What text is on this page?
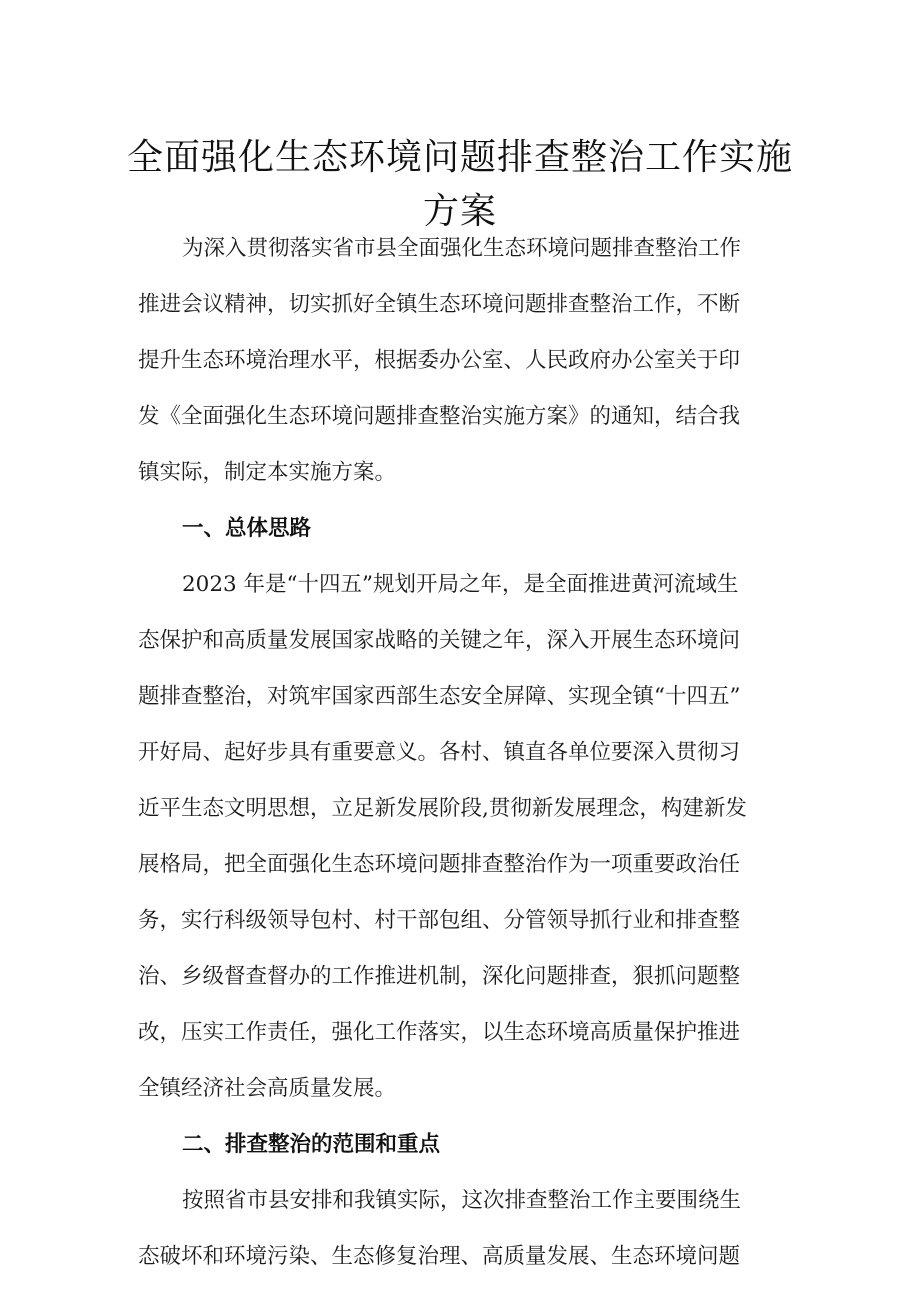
全面强化生态环境问题排查整治工作实施
方案

为深入贯彻落实省市县全面强化生态环境问题排查整治工作

推进会议精神，切实抓好全镇生态环境问题排查整治工作，不断

提升生态环境治理水平，根据委办公室、人民政府办公室关于印

发《全面强化生态环境问题排查整治实施方案》的通知，结合我

镇实际，制定本实施方案。

一、总体思路

2023 年是“十四五”规划开局之年，是全面推进黄河流域生

态保护和高质量发展国家战略的关键之年，深入开展生态环境问

题排查整治，对筑牢国家西部生态安全屏障、实现全镇“十四五”

开好局、起好步具有重要意义。各村、镇直各单位要深入贯彻习

近平生态文明思想，立足新发展阶段,贯彻新发展理念，构建新发

展格局，把全面强化生态环境问题排查整治作为一项重要政治任

务，实行科级领导包村、村干部包组、分管领导抓行业和排查整

治、乡级督查督办的工作推进机制，深化问题排查，狠抓问题整

改，压实工作责任，强化工作落实，以生态环境高质量保护推进

全镇经济社会高质量发展。

二、排查整治的范围和重点

按照省市县安排和我镇实际，这次排查整治工作主要围绕生

态破坏和环境污染、生态修复治理、高质量发展、生态环境问题
